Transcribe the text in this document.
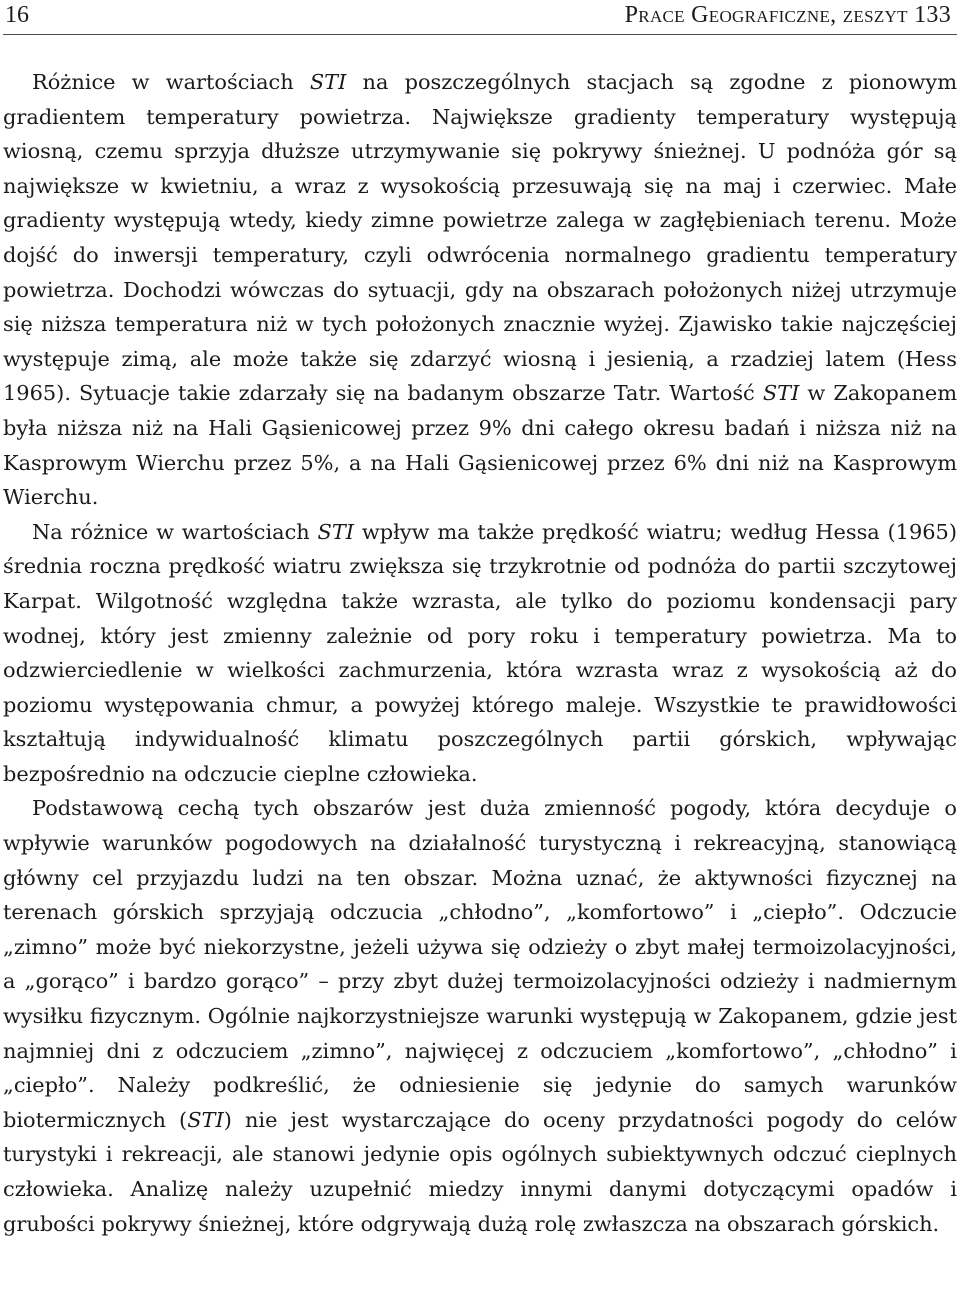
16	Prace Geograficzne, zeszyt 133

Różnice w wartościach STI na poszczególnych stacjach są zgodne z pionowym gradientem temperatury powietrza. Największe gradienty temperatury występują wiosną, czemu sprzyja dłuższe utrzymywanie się pokrywy śnieżnej. U podnóża gór są największe w kwietniu, a wraz z wysokością przesuwają się na maj i czerwiec. Małe gradienty występują wtedy, kiedy zimne powietrze zalega w zagłębieniach terenu. Może dojść do inwersji temperatury, czyli odwrócenia normalnego gradientu temperatury powietrza. Dochodzi wówczas do sytuacji, gdy na obszarach położonych niżej utrzymuje się niższa temperatura niż w tych położonych znacznie wyżej. Zjawisko takie najczęściej występuje zimą, ale może także się zdarzyć wiosną i jesienią, a rzadziej latem (Hess 1965). Sytuacje takie zdarzały się na badanym obszarze Tatr. Wartość STI w Zakopanem była niższa niż na Hali Gąsienicowej przez 9% dni całego okresu badań i niższa niż na Kasprowym Wierchu przez 5%, a na Hali Gąsienicowej przez 6% dni niż na Kasprowym Wierchu.

Na różnice w wartościach STI wpływ ma także prędkość wiatru; według Hessa (1965) średnia roczna prędkość wiatru zwiększa się trzykrotnie od podnóża do partii szczytowej Karpat. Wilgotność względna także wzrasta, ale tylko do poziomu kondensacji pary wodnej, który jest zmienny zależnie od pory roku i temperatury powietrza. Ma to odzwierciedlenie w wielkości zachmurzenia, która wzrasta wraz z wysokością aż do poziomu występowania chmur, a powyżej którego maleje. Wszystkie te prawidłowości kształtują indywidualność klimatu poszczególnych partii górskich, wpływając bezpośrednio na odczucie cieplne człowieka.

Podstawową cechą tych obszarów jest duża zmienność pogody, która decyduje o wpływie warunków pogodowych na działalność turystyczną i rekreacyjną, stanowiącą główny cel przyjazdu ludzi na ten obszar. Można uznać, że aktywności fizycznej na terenach górskich sprzyjają odczucia „chłodno”, „komfortowo” i „ciepło”. Odczucie „zimno” może być niekorzystne, jeżeli używa się odzieży o zbyt małej termoizolacyjności, a „gorąco” i bardzo gorąco” – przy zbyt dużej termoizolacyjności odzieży i nadmiernym wysiłku fizycznym. Ogólnie najkorzystniejsze warunki występują w Zakopanem, gdzie jest najmniej dni z odczuciem „zimno”, najwięcej z odczuciem „komfortowo”, „chłodno” i „ciepło”. Należy podkreślić, że odniesienie się jedynie do samych warunków biotermicznych (STI) nie jest wystarczające do oceny przydatności pogody do celów turystyki i rekreacji, ale stanowi jedynie opis ogólnych subiektywnych odczuć cieplnych człowieka. Analizę należy uzupełnić miedzy innymi danymi dotyczącymi opadów i grubości pokrywy śnieżnej, które odgrywają dużą rolę zwłaszcza na obszarach górskich.
